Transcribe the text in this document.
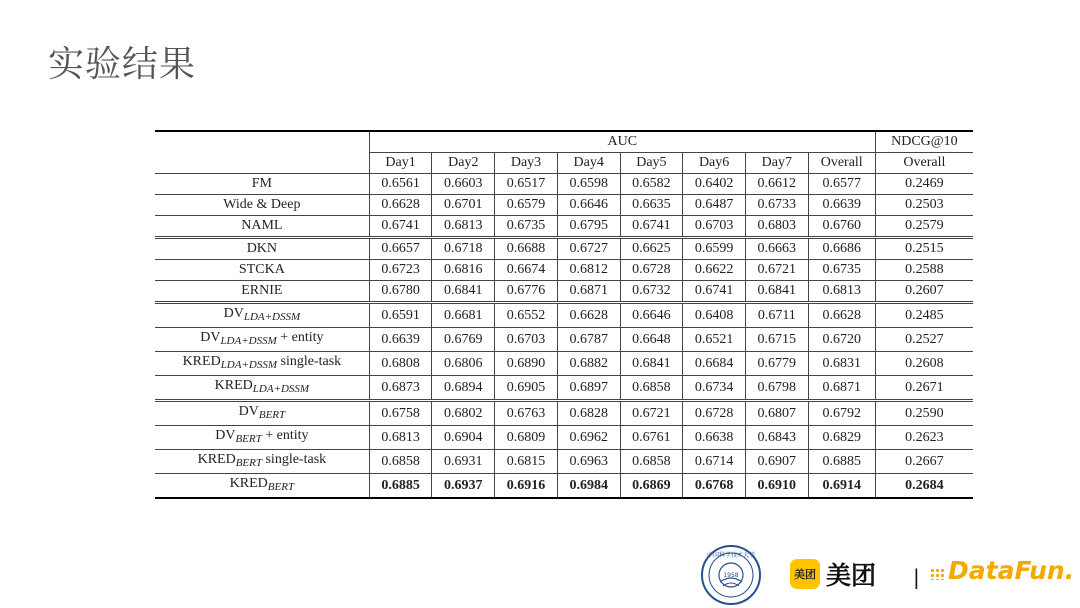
实验结果
	AUC								NDCG@10
	Day1	Day2	Day3	Day4	Day5	Day6	Day7	Overall	Overall
FM	0.6561	0.6603	0.6517	0.6598	0.6582	0.6402	0.6612	0.6577	0.2469
Wide & Deep	0.6628	0.6701	0.6579	0.6646	0.6635	0.6487	0.6733	0.6639	0.2503
NAML	0.6741	0.6813	0.6735	0.6795	0.6741	0.6703	0.6803	0.6760	0.2579
DKN	0.6657	0.6718	0.6688	0.6727	0.6625	0.6599	0.6663	0.6686	0.2515
STCKA	0.6723	0.6816	0.6674	0.6812	0.6728	0.6622	0.6721	0.6735	0.2588
ERNIE	0.6780	0.6841	0.6776	0.6871	0.6732	0.6741	0.6841	0.6813	0.2607
$DV_{LDA+DSSM}$	0.6591	0.6681	0.6552	0.6628	0.6646	0.6408	0.6711	0.6628	0.2485
$DV_{LDA+DSSM}$ + entity	0.6639	0.6769	0.6703	0.6787	0.6648	0.6521	0.6715	0.6720	0.2527
$KRED_{LDA+DSSM}$ single-task	0.6808	0.6806	0.6890	0.6882	0.6841	0.6684	0.6779	0.6831	0.2608
$KRED_{LDA+DSSM}$	0.6873	0.6894	0.6905	0.6897	0.6858	0.6734	0.6798	0.6871	0.2671
$DV_{BERT}$	0.6758	0.6802	0.6763	0.6828	0.6721	0.6728	0.6807	0.6792	0.2590
$DV_{BERT}$ + entity	0.6813	0.6904	0.6809	0.6962	0.6761	0.6638	0.6843	0.6829	0.2623
$KRED_{BERT}$ single-task	0.6858	0.6931	0.6815	0.6963	0.6858	0.6714	0.6907	0.6885	0.2667
$KRED_{BERT}$	0.6885	0.6937	0.6916	0.6984	0.6869	0.6768	0.6910	0.6914	0.2684
中国科学技术大学
1958	美团 美团 | DataFun.
